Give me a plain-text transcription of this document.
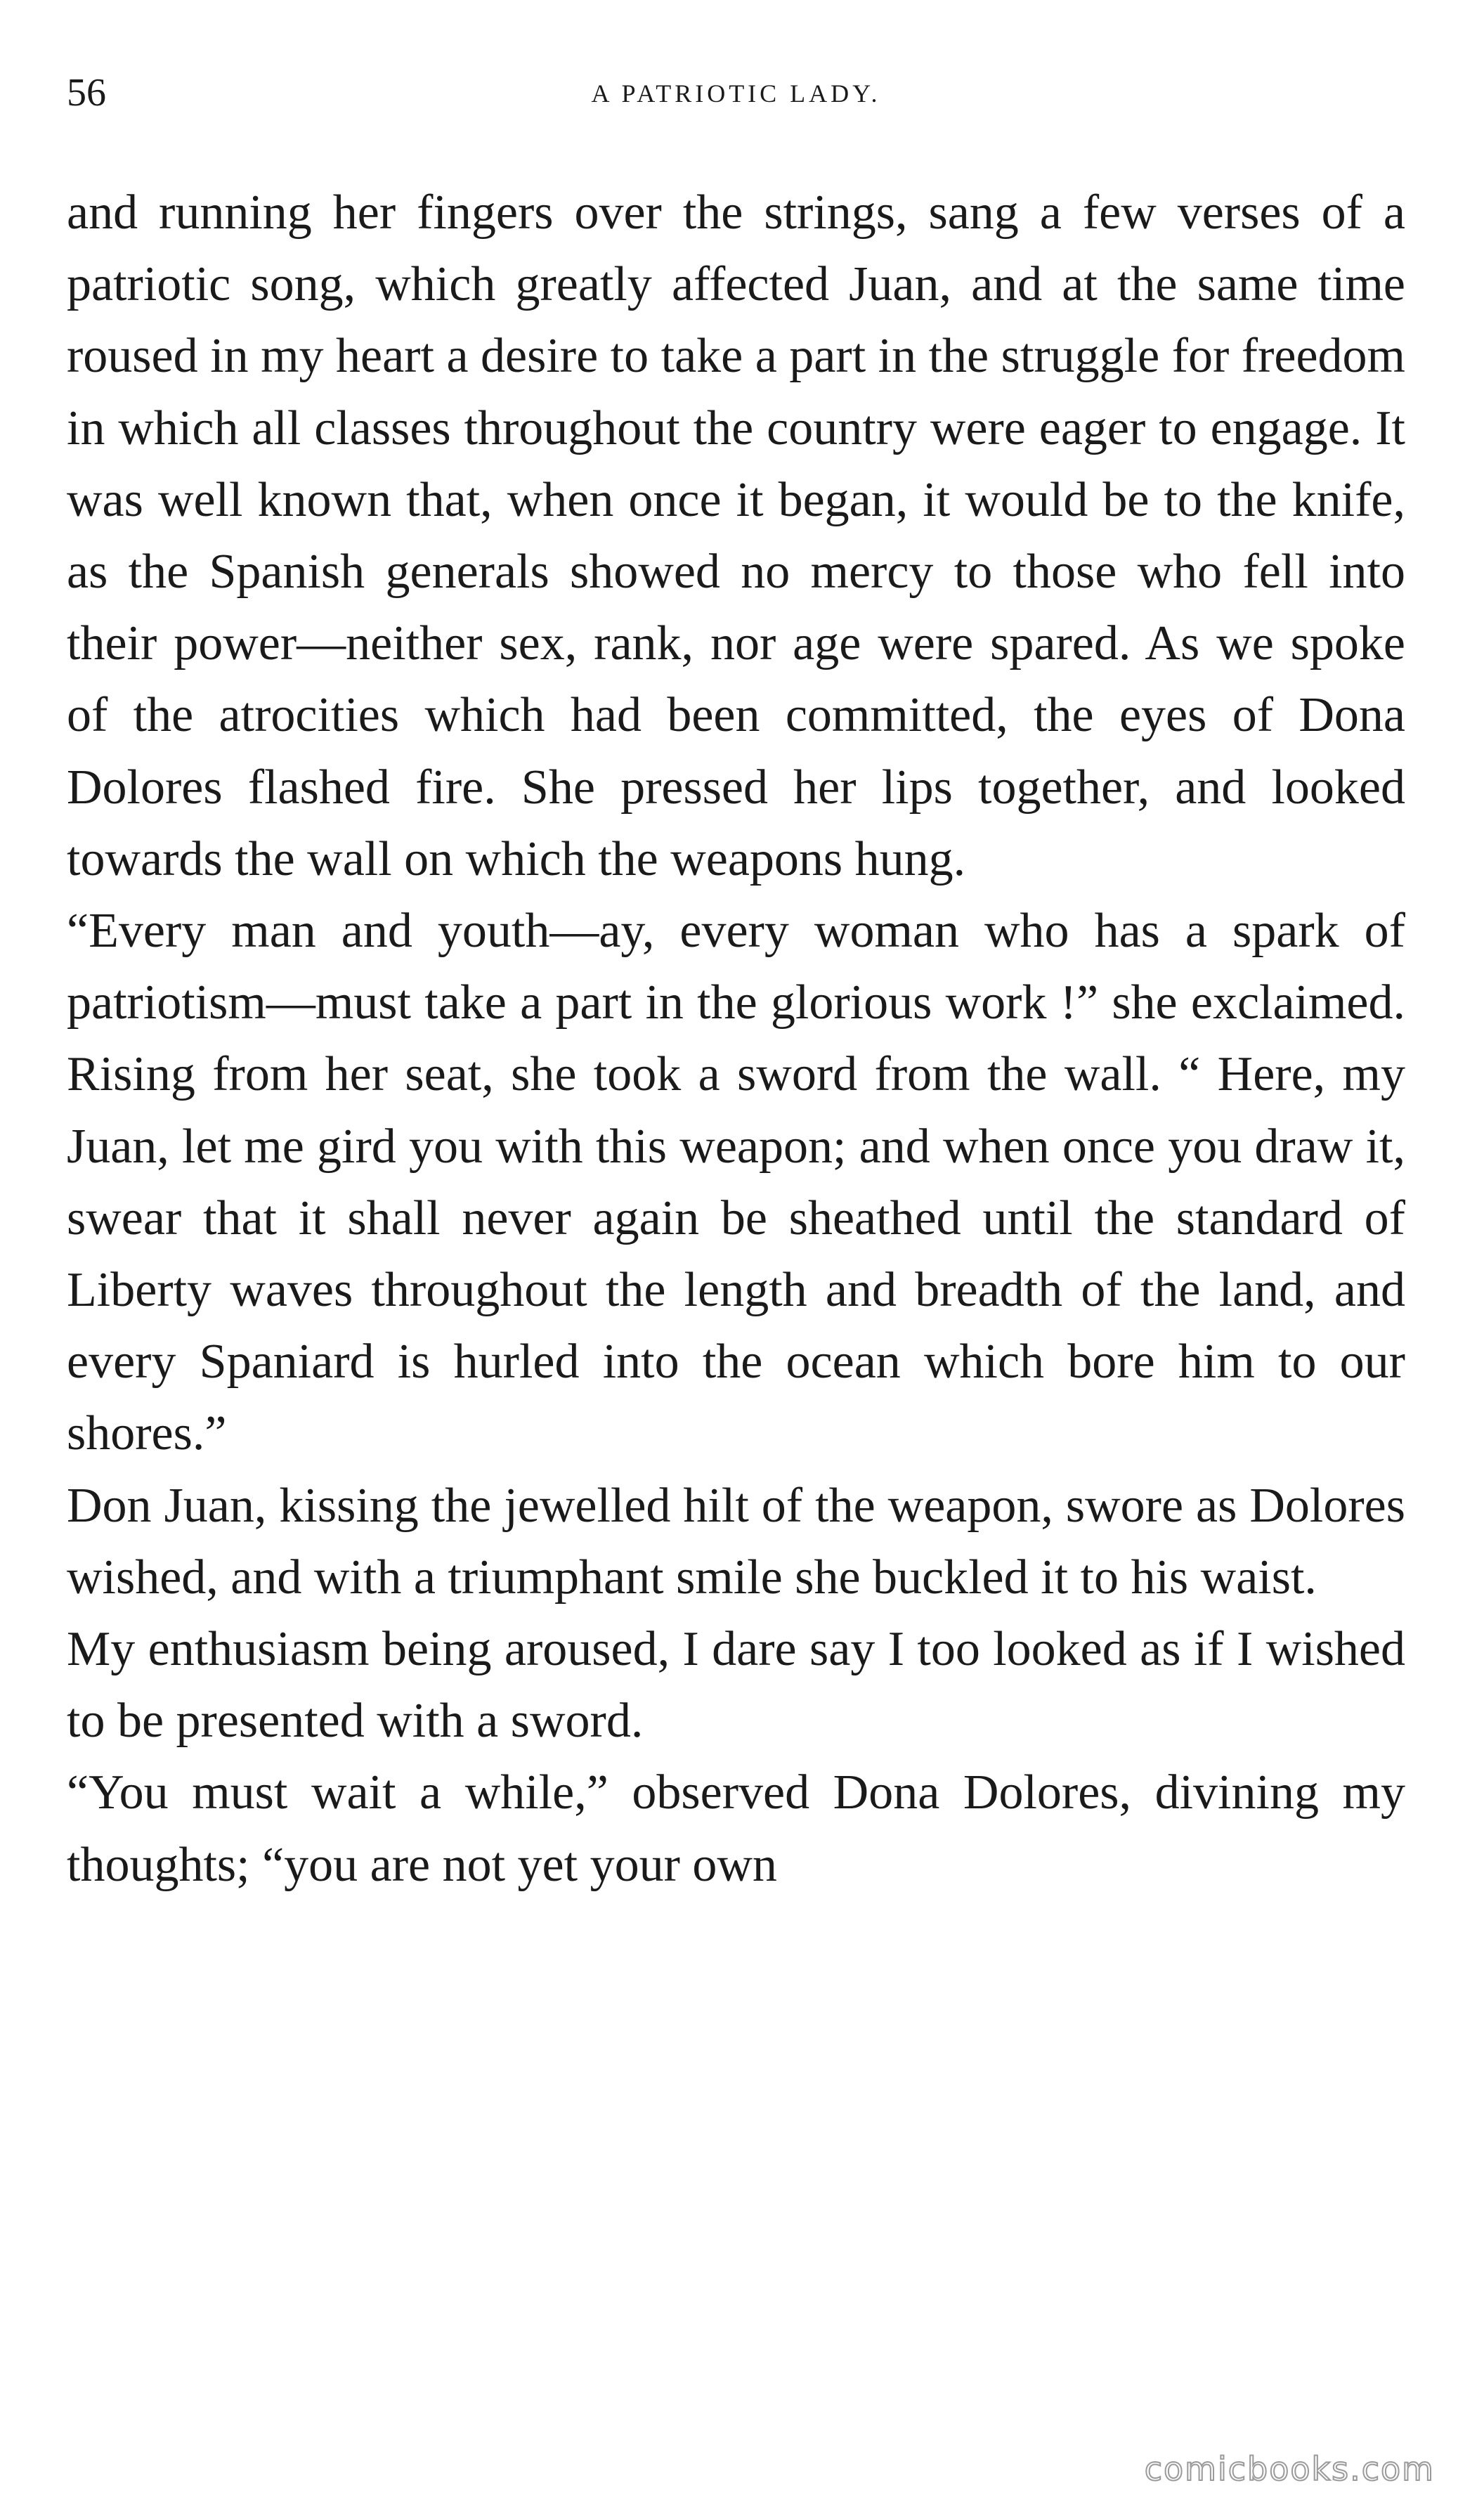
56	A PATRIOTIC LADY.

and running her fingers over the strings, sang a few verses of a patriotic song, which greatly affected Juan, and at the same time roused in my heart a desire to take a part in the struggle for freedom in which all classes throughout the country were eager to engage. It was well known that, when once it began, it would be to the knife, as the Spanish generals showed no mercy to those who fell into their power—neither sex, rank, nor age were spared. As we spoke of the atrocities which had been committed, the eyes of Dona Dolores flashed fire. She pressed her lips together, and looked towards the wall on which the weapons hung.

“Every man and youth—ay, every woman who has a spark of patriotism—must take a part in the glorious work !” she exclaimed. Rising from her seat, she took a sword from the wall. “ Here, my Juan, let me gird you with this weapon; and when once you draw it, swear that it shall never again be sheathed until the standard of Liberty waves throughout the length and breadth of the land, and every Spaniard is hurled into the ocean which bore him to our shores.”

Don Juan, kissing the jewelled hilt of the weapon, swore as Dolores wished, and with a triumphant smile she buckled it to his waist.

My enthusiasm being aroused, I dare say I too looked as if I wished to be presented with a sword.

“You must wait a while,” observed Dona Dolores, divining my thoughts; “you are not yet your own

comicbooks.com
